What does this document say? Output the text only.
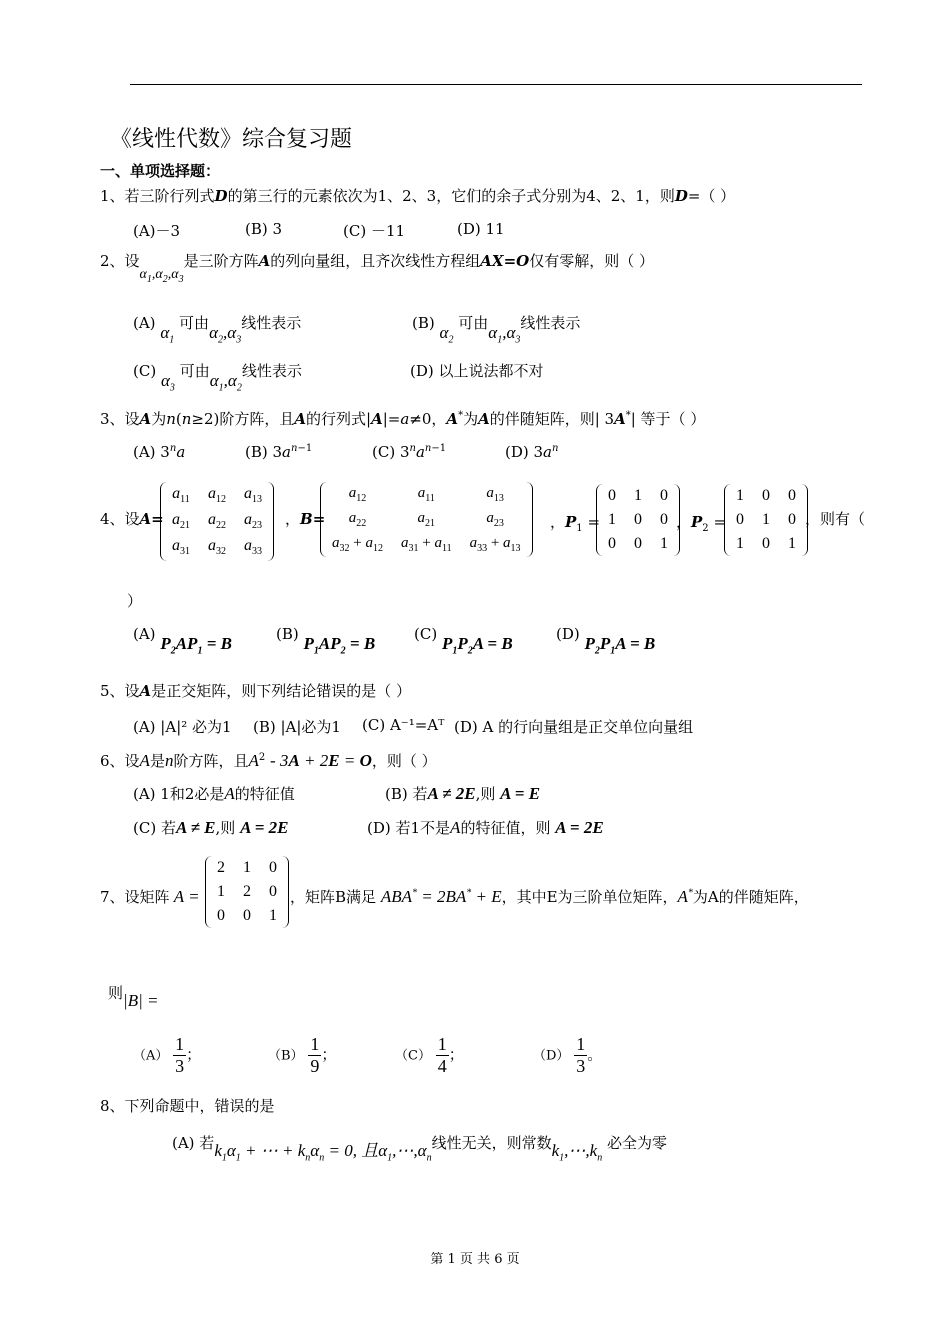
《线性代数》综合复习题
一、单项选择题：
1、若三阶行列式D的第三行的元素依次为1、2、3，它们的余子式分别为4、2、1，则D=（ ）
(A)－3	(B) 3	(C) －11	(D) 11
2、设$\alpha_1,\alpha_2,\alpha_3$是三阶方阵A的列向量组，且齐次线性方程组AX=O仅有零解，则（ ）
(A) $\alpha_1$ 可由$\alpha_2,\alpha_3$线性表示	(B) $\alpha_2$ 可由$\alpha_1,\alpha_3$线性表示
(C) $\alpha_3$ 可由$\alpha_1,\alpha_2$线性表示	(D) 以上说法都不对
3、设A为n(n≥2)阶方阵，且A的行列式|A|=a≠0，A*为A的伴随矩阵，则| 3A*| 等于（ ）
(A) 3$^n$a	(B) $3a^{n-1}$	(C) $3^na^{n-1}$	(D) $3a^n$
4、设A=
$a_{11}$	$a_{12}$	$a_{13}$
$a_{21}$	$a_{22}$	$a_{23}$
$a_{31}$	$a_{32}$	$a_{33}$
，B=
$a_{12}$	$a_{11}$	$a_{13}$
$a_{22}$	$a_{21}$	$a_{23}$
$a_{32} + a_{12}$	$a_{31} + a_{11}$	$a_{33} + a_{13}$
，$P_1$ =
0	1	0
1	0	0
0	0	1
，$P_2$ =
1	0	0
0	1	0
1	0	1
，则有（
）
(A) $P_2AP_1 = B$	(B) $P_1AP_2 = B$	(C) $P_1P_2A = B$	(D) $P_2P_1A = B$
5、设A是正交矩阵，则下列结论错误的是（ ）
(A) |A|² 必为1 (B) |A|必为1 (C) A⁻¹=Aᵀ (D) A 的行向量组是正交单位向量组
6、设A是n阶方阵，且$A^2 - 3A + 2E = O$，则（ ）
(A) 1和2必是A的特征值	(B) 若A ≠ 2E,则 A = E
(C) 若A ≠ E,则 A = 2E	(D) 若1不是A的特征值，则 A = 2E
7、设矩阵 A =
2	1	0
1	2	0
0	0	1
，矩阵B满足 ABA* = 2BA* + E，其中E为三阶单位矩阵，A*为A的伴随矩阵，
则|B| =
$(A) \frac{1}{3}$ ；	$(B) \frac{1}{9}$ ；	$(C) \frac{1}{4}$ ；	$(D) \frac{1}{3}$ 。
8、下列命题中，错误的是
(A) 若$k_1\alpha_1$ + ⋯ + $k_n\alpha_n = 0$, 且$\alpha_1,\cdots,\alpha_n$线性无关，则常数$k_1,\cdots,k_n$ 必全为零
第 1 页 共 6 页
